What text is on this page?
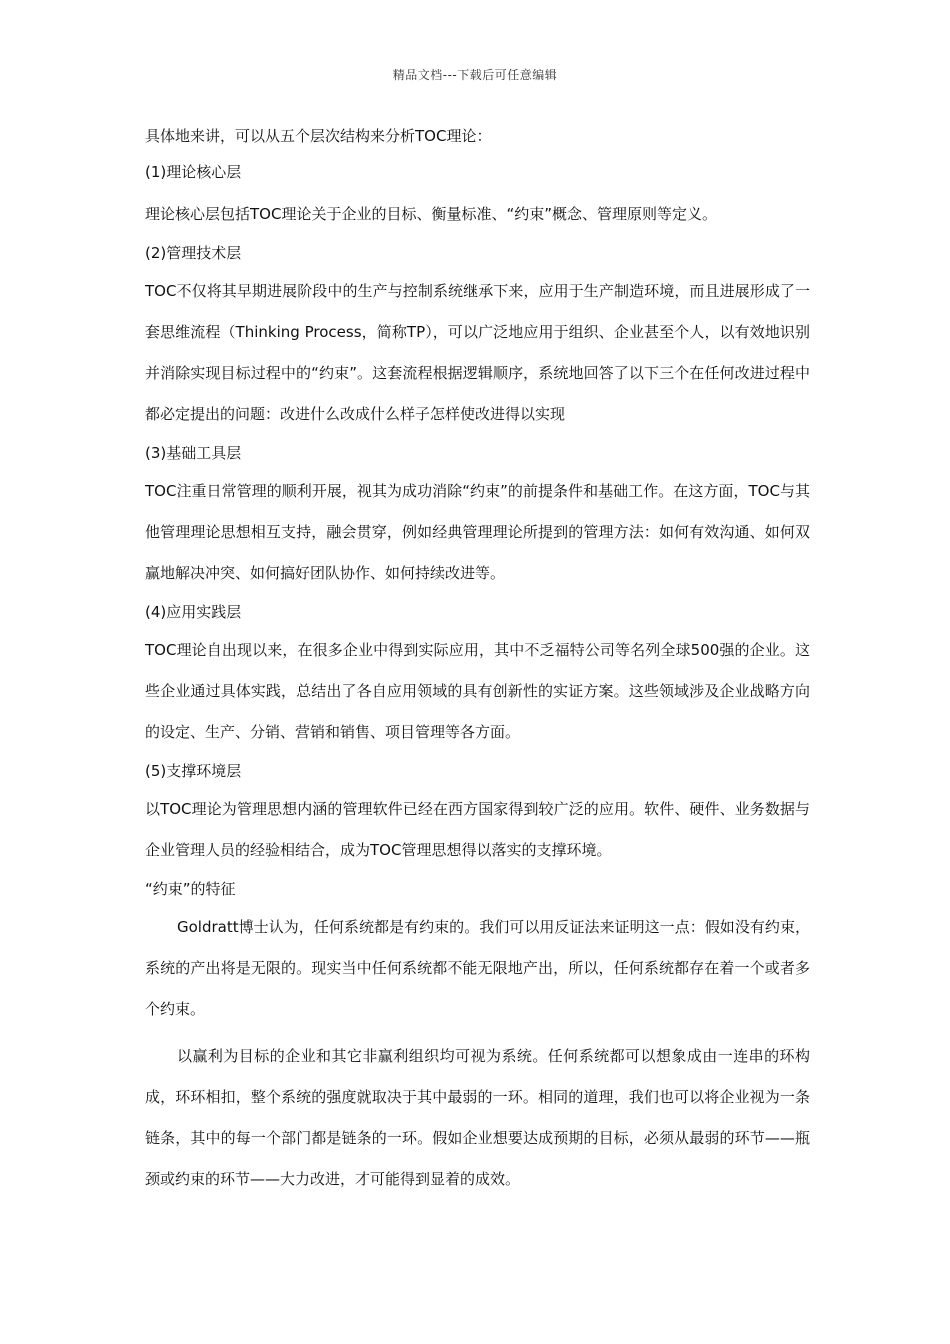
精品文档---下载后可任意编辑

具体地来讲，可以从五个层次结构来分析TOC理论：

(1)理论核心层

理论核心层包括TOC理论关于企业的目标、衡量标准、“约束”概念、管理原则等定义。

(2)管理技术层

TOC不仅将其早期进展阶段中的生产与控制系统继承下来，应用于生产制造环境，而且进展形成了一套思维流程（Thinking Process，简称TP），可以广泛地应用于组织、企业甚至个人，以有效地识别并消除实现目标过程中的“约束”。这套流程根据逻辑顺序，系统地回答了以下三个在任何改进过程中都必定提出的问题：改进什么改成什么样子怎样使改进得以实现

(3)基础工具层

TOC注重日常管理的顺利开展，视其为成功消除“约束”的前提条件和基础工作。在这方面，TOC与其他管理理论思想相互支持，融会贯穿，例如经典管理理论所提到的管理方法：如何有效沟通、如何双赢地解决冲突、如何搞好团队协作、如何持续改进等。

(4)应用实践层

TOC理论自出现以来，在很多企业中得到实际应用，其中不乏福特公司等名列全球500强的企业。这些企业通过具体实践，总结出了各自应用领域的具有创新性的实证方案。这些领域涉及企业战略方向的设定、生产、分销、营销和销售、项目管理等各方面。

(5)支撑环境层

以TOC理论为管理思想内涵的管理软件已经在西方国家得到较广泛的应用。软件、硬件、业务数据与企业管理人员的经验相结合，成为TOC管理思想得以落实的支撑环境。

“约束”的特征

Goldratt博士认为，任何系统都是有约束的。我们可以用反证法来证明这一点：假如没有约束，系统的产出将是无限的。现实当中任何系统都不能无限地产出，所以，任何系统都存在着一个或者多个约束。

以赢利为目标的企业和其它非赢利组织均可视为系统。任何系统都可以想象成由一连串的环构成，环环相扣，整个系统的强度就取决于其中最弱的一环。相同的道理，我们也可以将企业视为一条链条，其中的每一个部门都是链条的一环。假如企业想要达成预期的目标，必须从最弱的环节——瓶颈或约束的环节——大力改进，才可能得到显着的成效。
